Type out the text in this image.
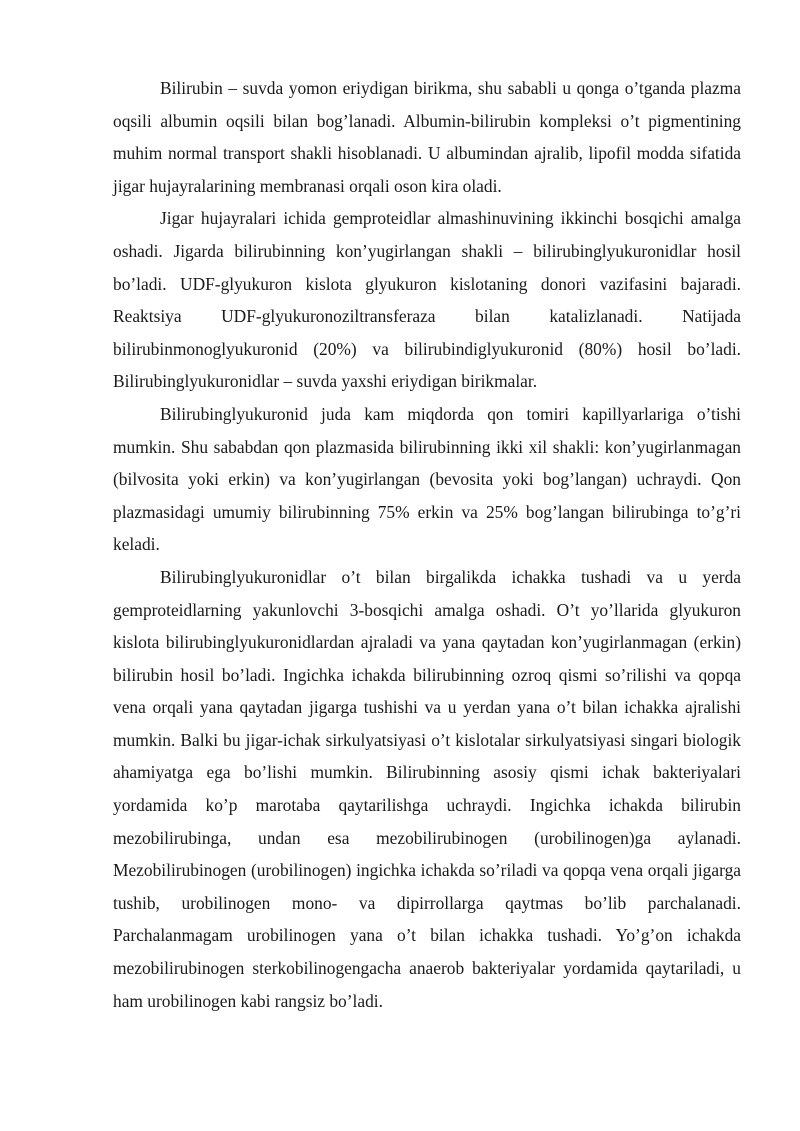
Bilirubin – suvda yomon eriydigan birikma, shu sababli u qonga o’tganda plazma oqsili albumin oqsili bilan bog’lanadi. Albumin-bilirubin kompleksi o’t pigmentining muhim normal transport shakli hisoblanadi. U albumindan ajralib, lipofil modda sifatida jigar hujayralarining membranasi orqali oson kira oladi.

Jigar hujayralari ichida gemproteidlar almashinuvining ikkinchi bosqichi amalga oshadi. Jigarda bilirubinning kon’yugirlangan shakli – bilirubinglyukuronidlar hosil bo’ladi. UDF-glyukuron kislota glyukuron kislotaning donori vazifasini bajaradi. Reaktsiya UDF-glyukuronoziltransferaza bilan katalizlanadi. Natijada bilirubinmonoglyukuronid (20%) va bilirubindiglyukuronid (80%) hosil bo’ladi. Bilirubinglyukuronidlar – suvda yaxshi eriydigan birikmalar.

Bilirubinglyukuronid juda kam miqdorda qon tomiri kapillyarlariga o’tishi mumkin. Shu sababdan qon plazmasida bilirubinning ikki xil shakli: kon’yugirlanmagan (bilvosita yoki erkin) va kon’yugirlangan (bevosita yoki bog’langan) uchraydi. Qon plazmasidagi umumiy bilirubinning 75% erkin va 25% bog’langan bilirubinga to’g’ri keladi.

Bilirubinglyukuronidlar o’t bilan birgalikda ichakka tushadi va u yerda gemproteidlarning yakunlovchi 3-bosqichi amalga oshadi. O’t yo’llarida glyukuron kislota bilirubinglyukuronidlardan ajraladi va yana qaytadan kon’yugirlanmagan (erkin) bilirubin hosil bo’ladi. Ingichka ichakda bilirubinning ozroq qismi so’rilishi va qopqa vena orqali yana qaytadan jigarga tushishi va u yerdan yana o’t bilan ichakka ajralishi mumkin. Balki bu jigar-ichak sirkulyatsiyasi o’t kislotalar sirkulyatsiyasi singari biologik ahamiyatga ega bo’lishi mumkin. Bilirubinning asosiy qismi ichak bakteriyalari yordamida ko’p marotaba qaytarilishga uchraydi. Ingichka ichakda bilirubin mezobilirubinga, undan esa mezobilirubinogen (urobilinogen)ga aylanadi. Mezobilirubinogen (urobilinogen) ingichka ichakda so’riladi va qopqa vena orqali jigarga tushib, urobilinogen mono- va dipirrollarga qaytmas bo’lib parchalanadi. Parchalanmagam urobilinogen yana o’t bilan ichakka tushadi. Yo’g’on ichakda mezobilirubinogen sterkobilinogengacha anaerob bakteriyalar yordamida qaytariladi, u ham urobilinogen kabi rangsiz bo’ladi.
